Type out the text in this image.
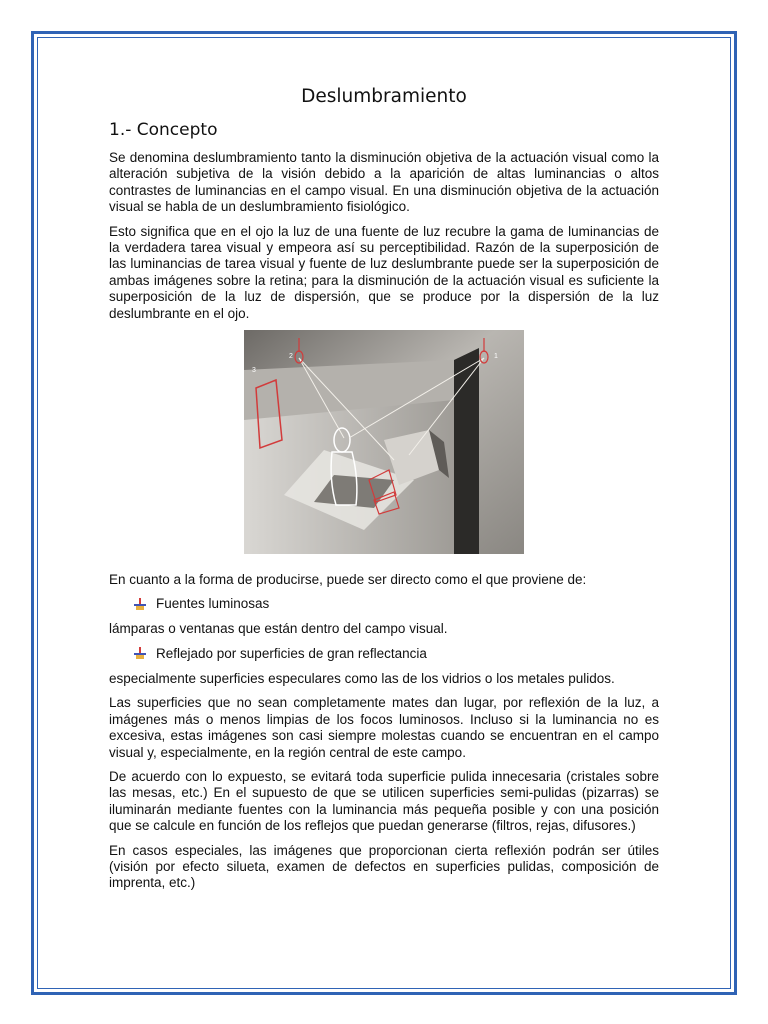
Deslumbramiento
1.- Concepto

Se denomina deslumbramiento tanto la disminución objetiva de la actuación visual como la alteración subjetiva de la visión debido a la aparición de altas luminancias o altos contrastes de luminancias en el campo visual. En una disminución objetiva de la actuación visual se habla de un deslumbramiento fisiológico.

Esto significa que en el ojo la luz de una fuente de luz recubre la gama de luminancias de la verdadera tarea visual y empeora así su perceptibilidad. Razón de la superposición de las luminancias de tarea visual y fuente de luz deslumbrante puede ser la superposición de ambas imágenes sobre la retina; para la disminución de la actuación visual es suficiente la superposición de la luz de dispersión, que se produce por la dispersión de la luz deslumbrante en el ojo.

3
2	1

En cuanto a la forma de producirse, puede ser directo como el que proviene de:

Fuentes luminosas

lámparas o ventanas que están dentro del campo visual.

Reflejado por superficies de gran reflectancia

especialmente superficies especulares como las de los vidrios o los metales pulidos.

Las superficies que no sean completamente mates dan lugar, por reflexión de la luz, a imágenes más o menos limpias de los focos luminosos. Incluso si la luminancia no es excesiva, estas imágenes son casi siempre molestas cuando se encuentran en el campo visual y, especialmente, en la región central de este campo.

De acuerdo con lo expuesto, se evitará toda superficie pulida innecesaria (cristales sobre las mesas, etc.) En el supuesto de que se utilicen superficies semi-pulidas (pizarras) se iluminarán mediante fuentes con la luminancia más pequeña posible y con una posición que se calcule en función de los reflejos que puedan generarse (filtros, rejas, difusores.)

En casos especiales, las imágenes que proporcionan cierta reflexión podrán ser útiles (visión por efecto silueta, examen de defectos en superficies pulidas, composición de imprenta, etc.)
